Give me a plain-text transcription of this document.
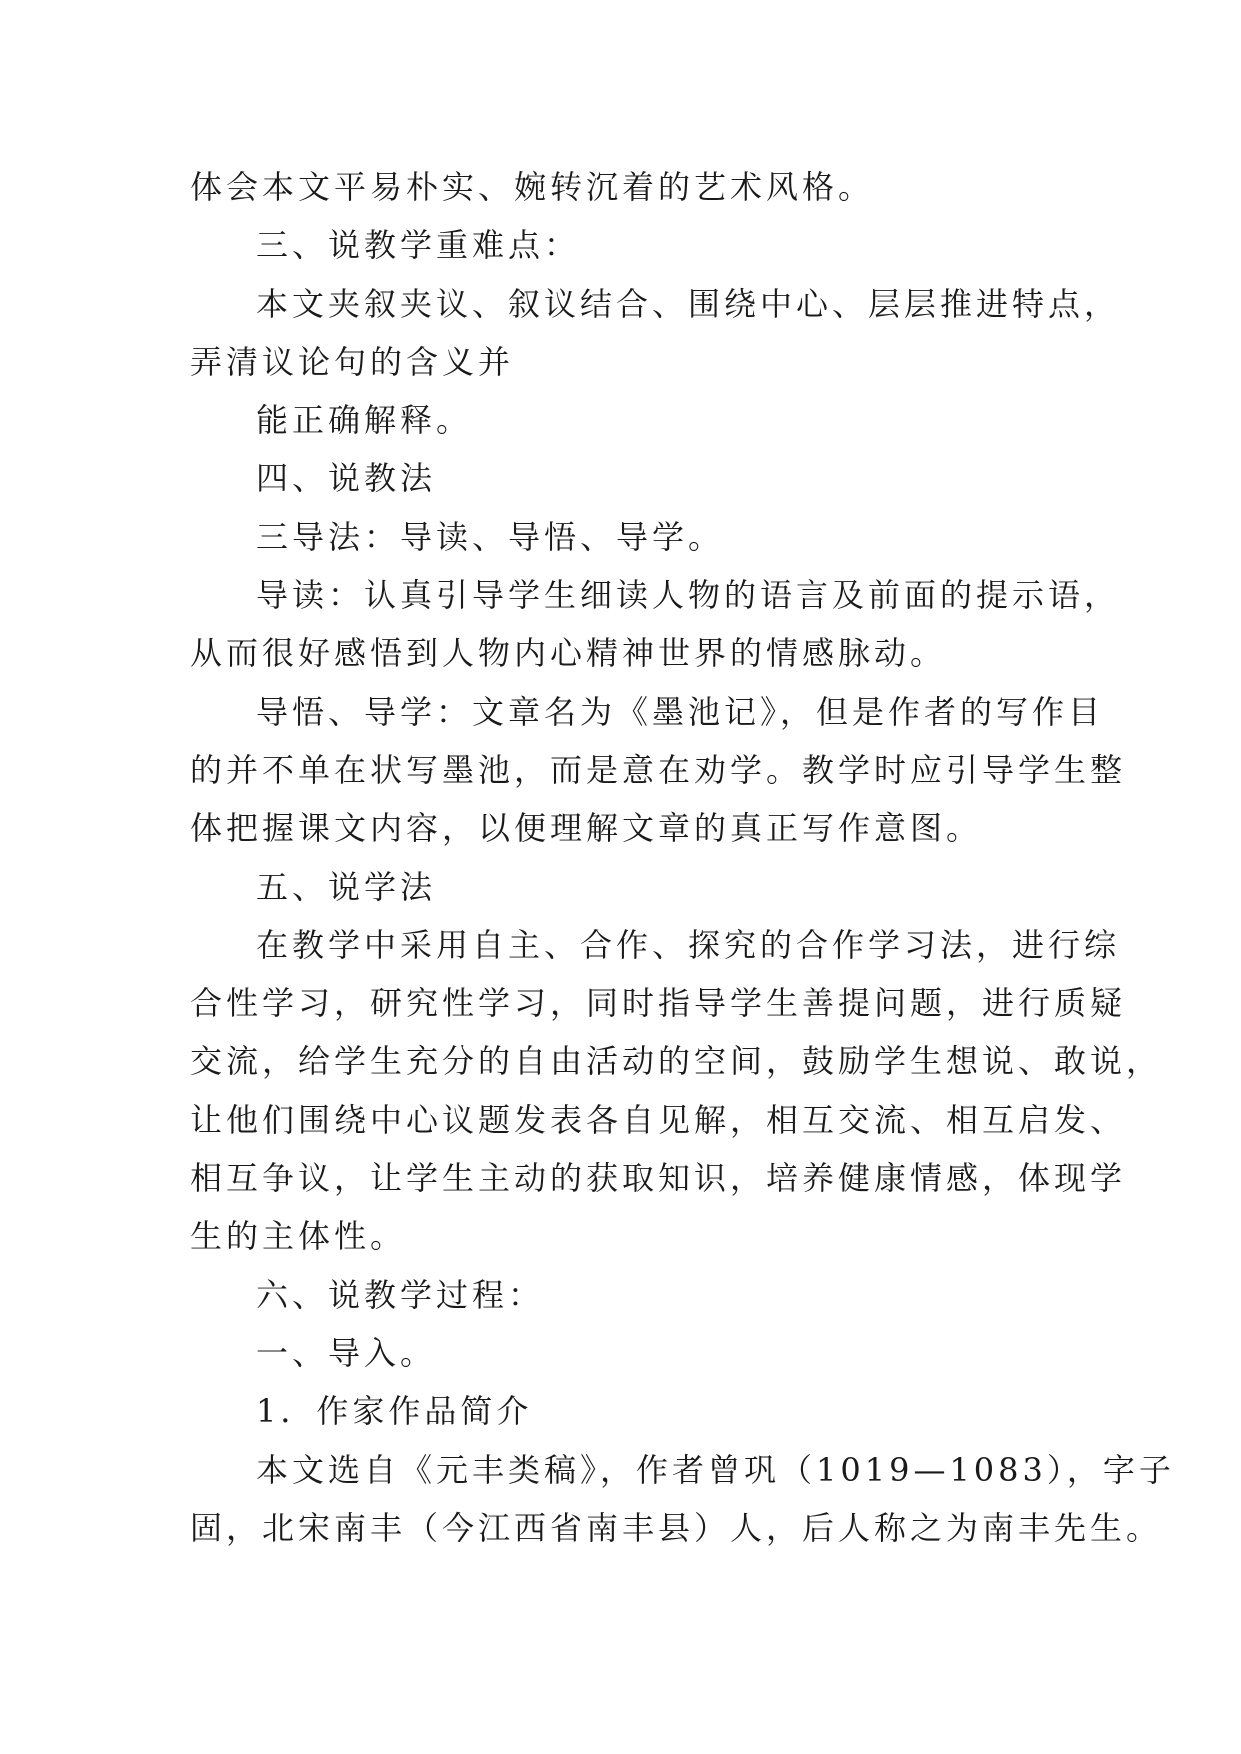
体会本文平易朴实、婉转沉着的艺术风格。
三、说教学重难点：
本文夹叙夹议、叙议结合、围绕中心、层层推进特点，
弄清议论句的含义并
能正确解释。
四、说教法
三导法：导读、导悟、导学。
导读：认真引导学生细读人物的语言及前面的提示语，
从而很好感悟到人物内心精神世界的情感脉动。
导悟、导学：文章名为《墨池记》，但是作者的写作目
的并不单在状写墨池，而是意在劝学。教学时应引导学生整
体把握课文内容，以便理解文章的真正写作意图。
五、说学法
在教学中采用自主、合作、探究的合作学习法，进行综
合性学习，研究性学习，同时指导学生善提问题，进行质疑
交流，给学生充分的自由活动的空间，鼓励学生想说、敢说，
让他们围绕中心议题发表各自见解，相互交流、相互启发、
相互争议，让学生主动的获取知识，培养健康情感，体现学
生的主体性。
六、说教学过程：
一、导入。
1．作家作品简介
本文选自《元丰类稿》，作者曾巩（1019—1083），字子
固，北宋南丰（今江西省南丰县）人，后人称之为南丰先生。
